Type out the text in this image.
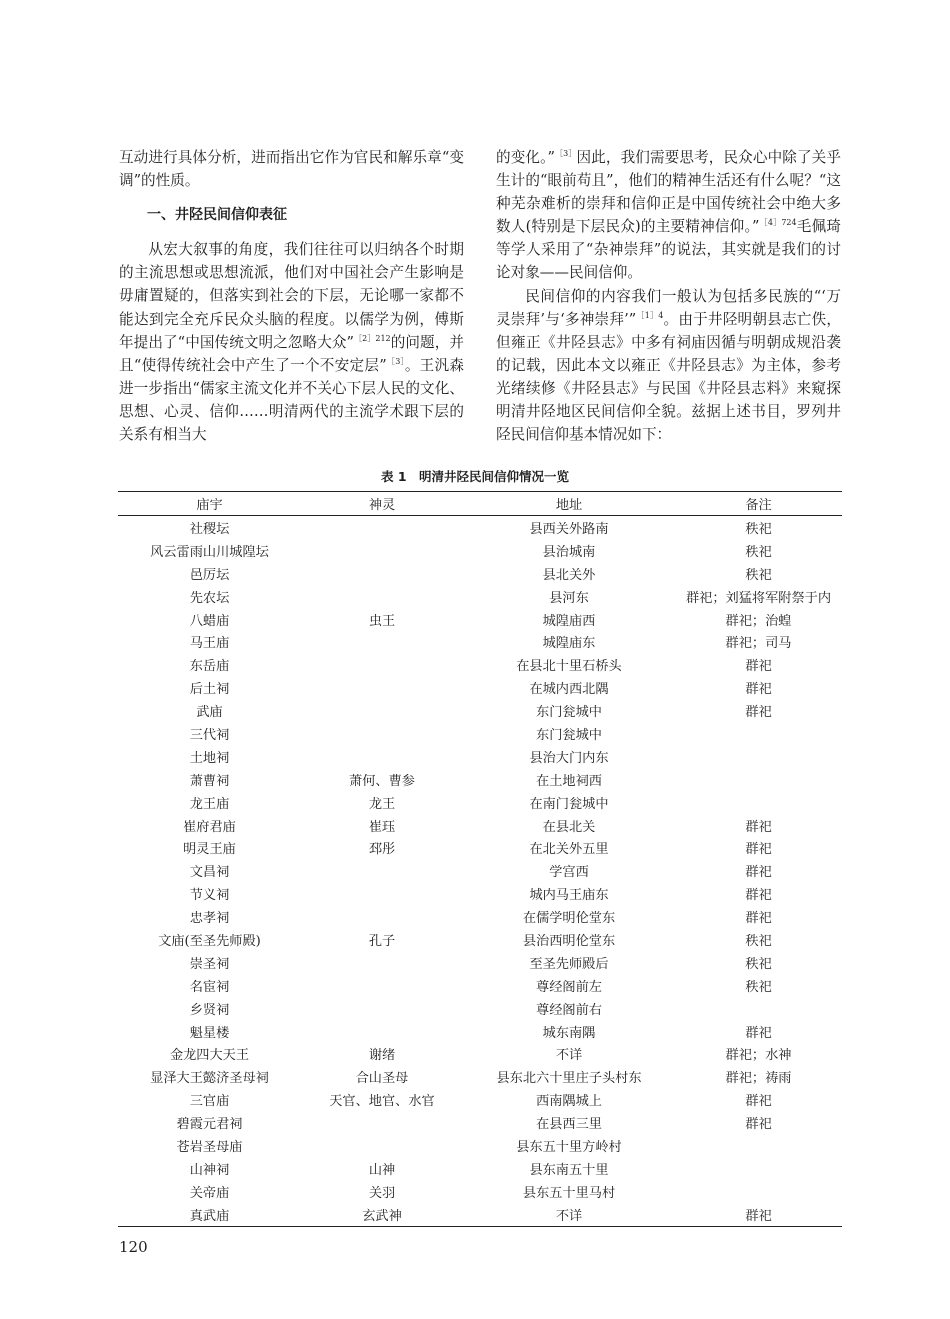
互动进行具体分析，进而指出它作为官民和解乐章“变调”的性质。

一、井陉民间信仰表征

从宏大叙事的角度，我们往往可以归纳各个时期的主流思想或思想流派，他们对中国社会产生影响是毋庸置疑的，但落实到社会的下层，无论哪一家都不能达到完全充斥民众头脑的程度。以儒学为例，傅斯年提出了“中国传统文明之忽略大众”$^{[2]212}$的问题，并且“使得传统社会中产生了一个不安定层”$^{[3]}$。王汎森进一步指出“儒家主流文化并不关心下层人民的文化、思想、心灵、信仰……明清两代的主流学术跟下层的关系有相当大

的变化。”$^{[3]}$因此，我们需要思考，民众心中除了关乎生计的“眼前苟且”，他们的精神生活还有什么呢？“这种芜杂难析的崇拜和信仰正是中国传统社会中绝大多数人(特别是下层民众)的主要精神信仰。”$^{[4]724}$毛佩琦等学人采用了“杂神崇拜”的说法，其实就是我们的讨论对象——民间信仰。

民间信仰的内容我们一般认为包括多民族的“‘万灵崇拜’与‘多神崇拜’”$^{[1]4}$。由于井陉明朝县志亡佚，但雍正《井陉县志》中多有祠庙因循与明朝成规沿袭的记载，因此本文以雍正《井陉县志》为主体，参考光绪续修《井陉县志》与民国《井陉县志料》来窥探明清井陉地区民间信仰全貌。兹据上述书目，罗列井陉民间信仰基本情况如下：

表 1　明清井陉民间信仰情况一览
庙宇	神灵	地址	备注
社稷坛		县西关外路南	秩祀
风云雷雨山川城隍坛		县治城南	秩祀
邑厉坛		县北关外	秩祀
先农坛		县河东	群祀；刘猛将军附祭于内
八蜡庙	虫王	城隍庙西	群祀；治蝗
马王庙		城隍庙东	群祀；司马
东岳庙		在县北十里石桥头	群祀
后土祠		在城内西北隅	群祀
武庙		东门瓮城中	群祀
三代祠		东门瓮城中	
土地祠		县治大门内东	
萧曹祠	萧何、曹参	在土地祠西	
龙王庙	龙王	在南门瓮城中	
崔府君庙	崔珏	在县北关	群祀
明灵王庙	邳彤	在北关外五里	群祀
文昌祠		学宫西	群祀
节义祠		城内马王庙东	群祀
忠孝祠		在儒学明伦堂东	群祀
文庙(至圣先师殿)	孔子	县治西明伦堂东	秩祀
崇圣祠		至圣先师殿后	秩祀
名宦祠		尊经阁前左	秩祀
乡贤祠		尊经阁前右	
魁星楼		城东南隅	群祀
金龙四大天王	谢绪	不详	群祀；水神
显泽大王懿济圣母祠	合山圣母	县东北六十里庄子头村东	群祀；祷雨
三官庙	天官、地官、水官	西南隅城上	群祀
碧霞元君祠		在县西三里	群祀
苍岩圣母庙		县东五十里方岭村	
山神祠	山神	县东南五十里	
关帝庙	关羽	县东五十里马村	
真武庙	玄武神	不详	群祀
120
